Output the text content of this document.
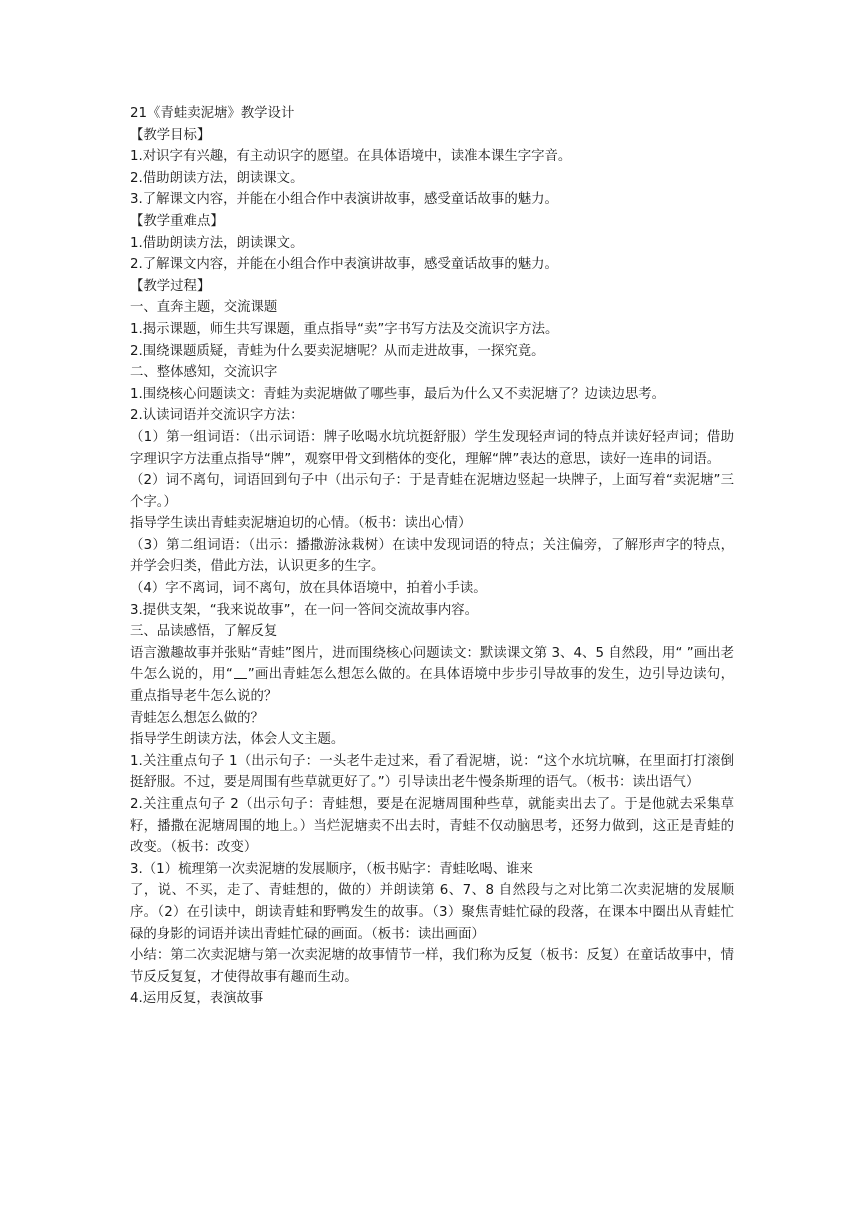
21《青蛙卖泥塘》教学设计
【教学目标】
1.对识字有兴趣，有主动识字的愿望。在具体语境中，读准本课生字字音。
2.借助朗读方法，朗读课文。
3.了解课文内容，并能在小组合作中表演讲故事，感受童话故事的魅力。
【教学重难点】
1.借助朗读方法，朗读课文。
2.了解课文内容，并能在小组合作中表演讲故事，感受童话故事的魅力。
【教学过程】
一、直奔主题，交流课题
1.揭示课题，师生共写课题，重点指导“卖”字书写方法及交流识字方法。
2.围绕课题质疑，青蛙为什么要卖泥塘呢？从而走进故事，一探究竟。
二、整体感知，交流识字
1.围绕核心问题读文：青蛙为卖泥塘做了哪些事，最后为什么又不卖泥塘了？边读边思考。
2.认读词语并交流识字方法：
（1）第一组词语：（出示词语：牌子吆喝水坑坑挺舒服）学生发现轻声词的特点并读好轻声词；借助字理识字方法重点指导“牌”，观察甲骨文到楷体的变化，理解“牌”表达的意思，读好一连串的词语。
（2）词不离句，词语回到句子中（出示句子：于是青蛙在泥塘边竖起一块牌子，上面写着“卖泥塘”三个字。）
指导学生读出青蛙卖泥塘迫切的心情。（板书：读出心情）
（3）第二组词语：（出示：播撒游泳栽树）在读中发现词语的特点；关注偏旁，了解形声字的特点，并学会归类，借此方法，认识更多的生字。
（4）字不离词，词不离句，放在具体语境中，拍着小手读。
3.提供支架，“我来说故事”，在一问一答间交流故事内容。
三、品读感悟，了解反复
语言激趣故事并张贴“青蛙”图片，进而围绕核心问题读文：默读课文第 3、4、5 自然段，用“ ”画出老牛怎么说的，用“ ”画出青蛙怎么想怎么做的。在具体语境中步步引导故事的发生，边引导边读句，重点指导老牛怎么说的？
青蛙怎么想怎么做的？
指导学生朗读方法，体会人文主题。
1.关注重点句子 1（出示句子：一头老牛走过来，看了看泥塘，说：“这个水坑坑嘛，在里面打打滚倒挺舒服。不过，要是周围有些草就更好了。”）引导读出老牛慢条斯理的语气。（板书：读出语气）
2.关注重点句子 2（出示句子：青蛙想，要是在泥塘周围种些草，就能卖出去了。于是他就去采集草籽，播撒在泥塘周围的地上。）当烂泥塘卖不出去时，青蛙不仅动脑思考，还努力做到，这正是青蛙的改变。（板书：改变）
3.（1）梳理第一次卖泥塘的发展顺序，（板书贴字：青蛙吆喝、谁来
了，说、不买，走了、青蛙想的，做的）并朗读第 6、7、8 自然段与之对比第二次卖泥塘的发展顺序。（2）在引读中，朗读青蛙和野鸭发生的故事。（3）聚焦青蛙忙碌的段落，在课本中圈出从青蛙忙碌的身影的词语并读出青蛙忙碌的画面。（板书：读出画面）
小结：第二次卖泥塘与第一次卖泥塘的故事情节一样，我们称为反复（板书：反复）在童话故事中，情节反反复复，才使得故事有趣而生动。
4.运用反复，表演故事
